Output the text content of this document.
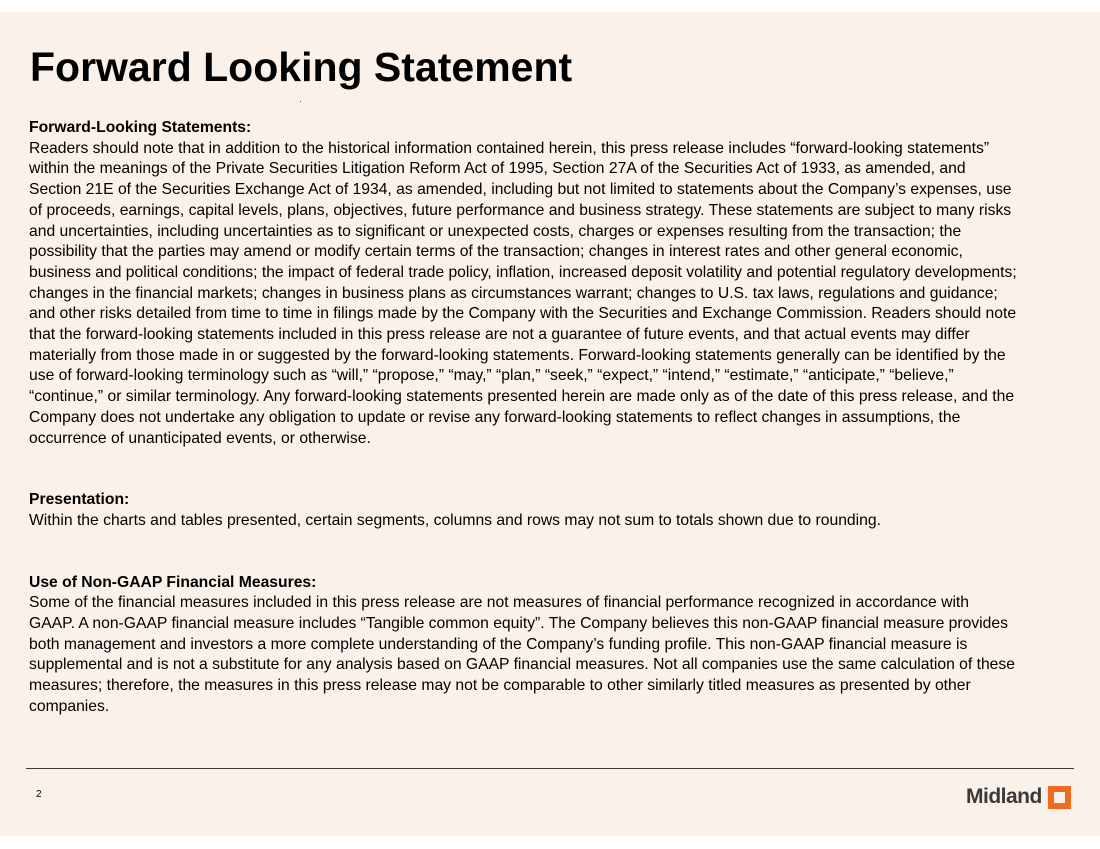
Forward Looking Statement

Forward-Looking Statements:

Readers should note that in addition to the historical information contained herein, this press release includes “forward-looking statements” within the meanings of the Private Securities Litigation Reform Act of 1995, Section 27A of the Securities Act of 1933, as amended, and Section 21E of the Securities Exchange Act of 1934, as amended, including but not limited to statements about the Company’s expenses, use of proceeds, earnings, capital levels, plans, objectives, future performance and business strategy. These statements are subject to many risks and uncertainties, including uncertainties as to significant or unexpected costs, charges or expenses resulting from the transaction; the possibility that the parties may amend or modify certain terms of the transaction; changes in interest rates and other general economic, business and political conditions; the impact of federal trade policy, inflation, increased deposit volatility and potential regulatory developments; changes in the financial markets; changes in business plans as circumstances warrant; changes to U.S. tax laws, regulations and guidance; and other risks detailed from time to time in filings made by the Company with the Securities and Exchange Commission. Readers should note that the forward-looking statements included in this press release are not a guarantee of future events, and that actual events may differ materially from those made in or suggested by the forward-looking statements. Forward-looking statements generally can be identified by the use of forward-looking terminology such as “will,” “propose,” “may,” “plan,” “seek,” “expect,” “intend,” “estimate,” “anticipate,” “believe,” “continue,” or similar terminology. Any forward-looking statements presented herein are made only as of the date of this press release, and the Company does not undertake any obligation to update or revise any forward-looking statements to reflect changes in assumptions, the occurrence of unanticipated events, or otherwise.

Presentation:

Within the charts and tables presented, certain segments, columns and rows may not sum to totals shown due to rounding.

Use of Non-GAAP Financial Measures:

Some of the financial measures included in this press release are not measures of financial performance recognized in accordance with GAAP. A non-GAAP financial measure includes “Tangible common equity”. The Company believes this non-GAAP financial measure provides both management and investors a more complete understanding of the Company’s funding profile. This non-GAAP financial measure is supplemental and is not a substitute for any analysis based on GAAP financial measures. Not all companies use the same calculation of these measures; therefore, the measures in this press release may not be comparable to other similarly titled measures as presented by other companies.

2	Midland
